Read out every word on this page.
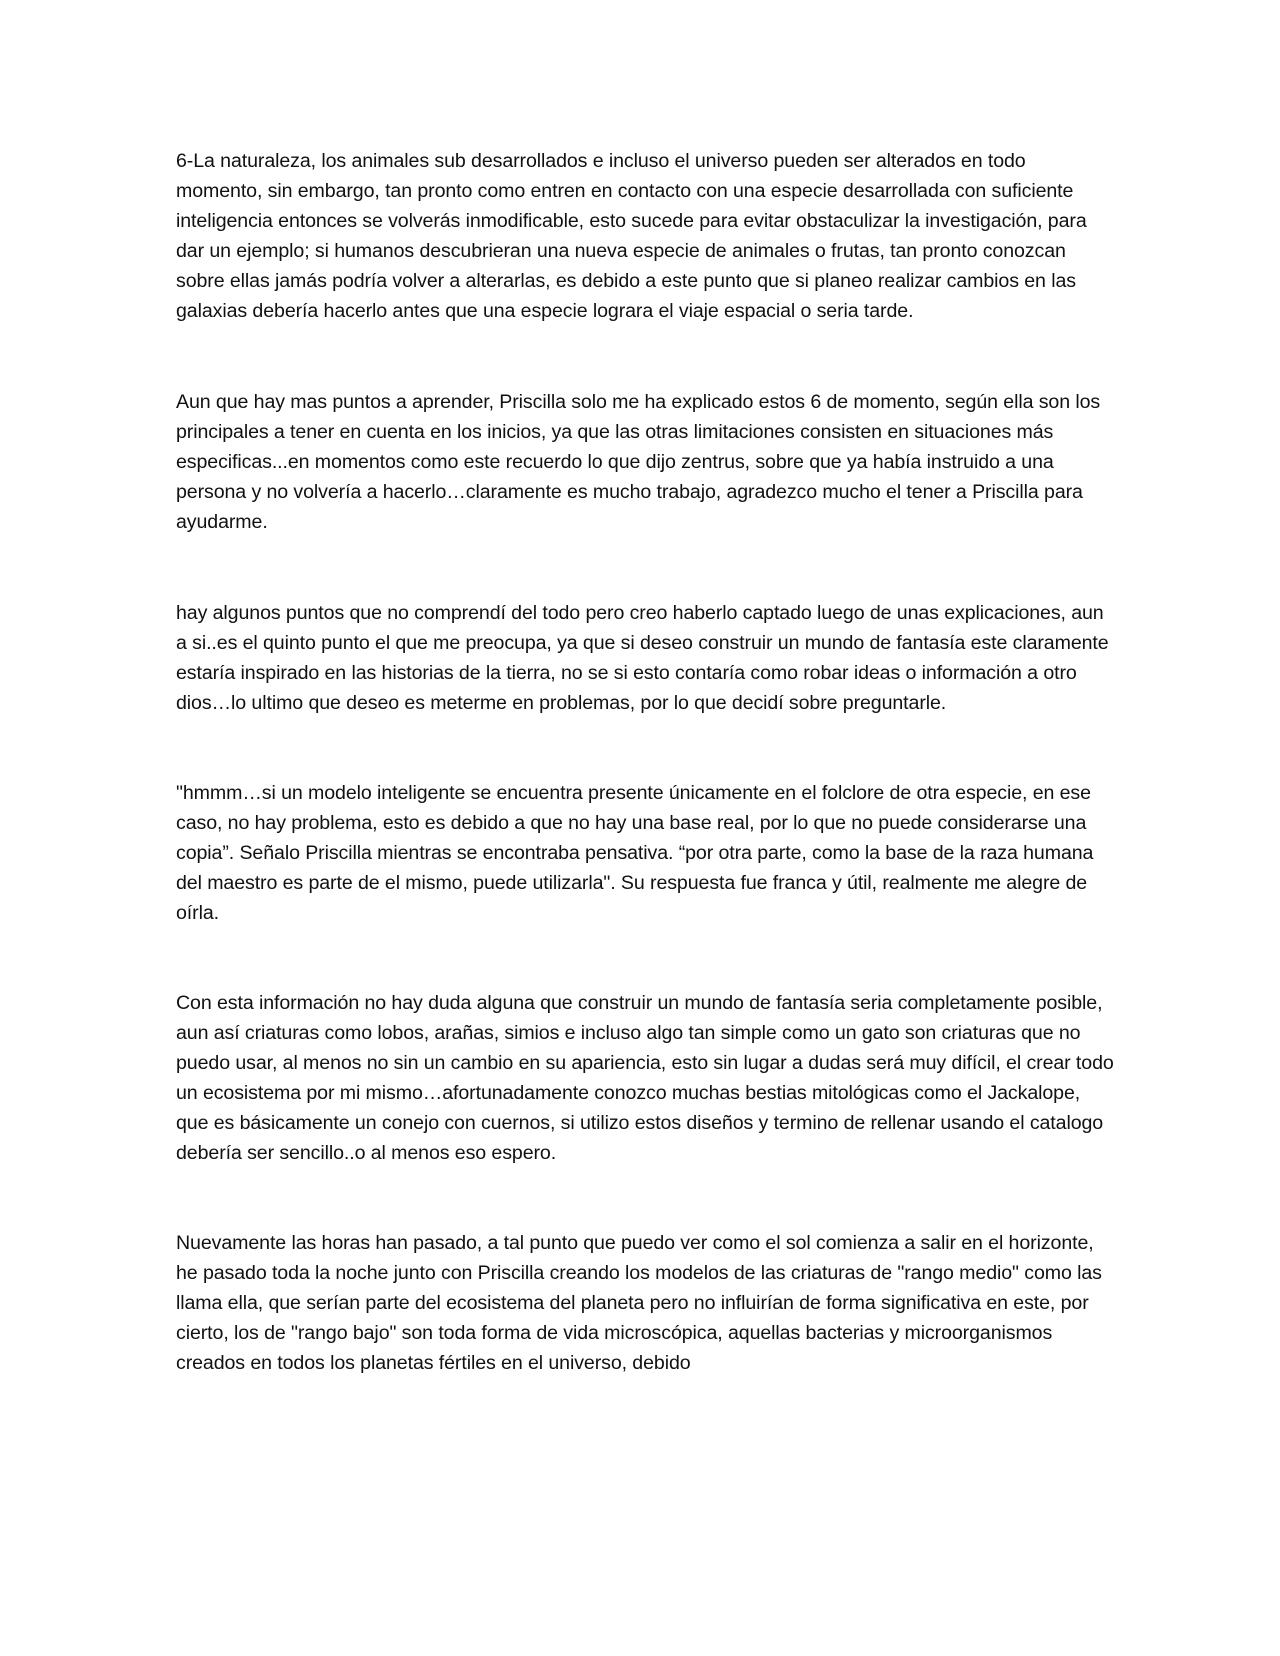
6-La naturaleza, los animales sub desarrollados e incluso el universo pueden ser alterados en todo momento, sin embargo, tan pronto como entren en contacto con una especie desarrollada con suficiente inteligencia entonces se volverás inmodificable, esto sucede para evitar obstaculizar la investigación, para dar un ejemplo; si humanos descubrieran una nueva especie de animales o frutas, tan pronto conozcan sobre ellas jamás podría volver a alterarlas, es debido a este punto que si planeo realizar cambios en las galaxias debería hacerlo antes que una especie lograra el viaje espacial o seria tarde.

Aun que hay mas puntos a aprender, Priscilla solo me ha explicado estos 6 de momento, según ella son los principales a tener en cuenta en los inicios, ya que las otras limitaciones consisten en situaciones más especificas...en momentos como este recuerdo lo que dijo zentrus, sobre que ya había instruido a una persona y no volvería a hacerlo…claramente es mucho trabajo, agradezco mucho el tener a Priscilla para ayudarme.

hay algunos puntos que no comprendí del todo pero creo haberlo captado luego de unas explicaciones, aun a si..es el quinto punto el que me preocupa, ya que si deseo construir un mundo de fantasía este claramente estaría inspirado en las historias de la tierra, no se si esto contaría como robar ideas o información a otro dios…lo ultimo que deseo es meterme en problemas, por lo que decidí sobre preguntarle.

"hmmm…si un modelo inteligente se encuentra presente únicamente en el folclore de otra especie, en ese caso, no hay problema, esto es debido a que no hay una base real, por lo que no puede considerarse una copia”. Señalo Priscilla mientras se encontraba pensativa. “por otra parte, como la base de la raza humana del maestro es parte de el mismo, puede utilizarla". Su respuesta fue franca y útil, realmente me alegre de oírla.

Con esta información no hay duda alguna que construir un mundo de fantasía seria completamente posible, aun así criaturas como lobos, arañas, simios e incluso algo tan simple como un gato son criaturas que no puedo usar, al menos no sin un cambio en su apariencia, esto sin lugar a dudas será muy difícil, el crear todo un ecosistema por mi mismo…afortunadamente conozco muchas bestias mitológicas como el Jackalope, que es básicamente un conejo con cuernos, si utilizo estos diseños y termino de rellenar usando el catalogo debería ser sencillo..o al menos eso espero.

Nuevamente las horas han pasado, a tal punto que puedo ver como el sol comienza a salir en el horizonte, he pasado toda la noche junto con Priscilla creando los modelos de las criaturas de "rango medio" como las llama ella, que serían parte del ecosistema del planeta pero no influirían de forma significativa en este, por cierto, los de "rango bajo" son toda forma de vida microscópica, aquellas bacterias y microorganismos creados en todos los planetas fértiles en el universo, debido
